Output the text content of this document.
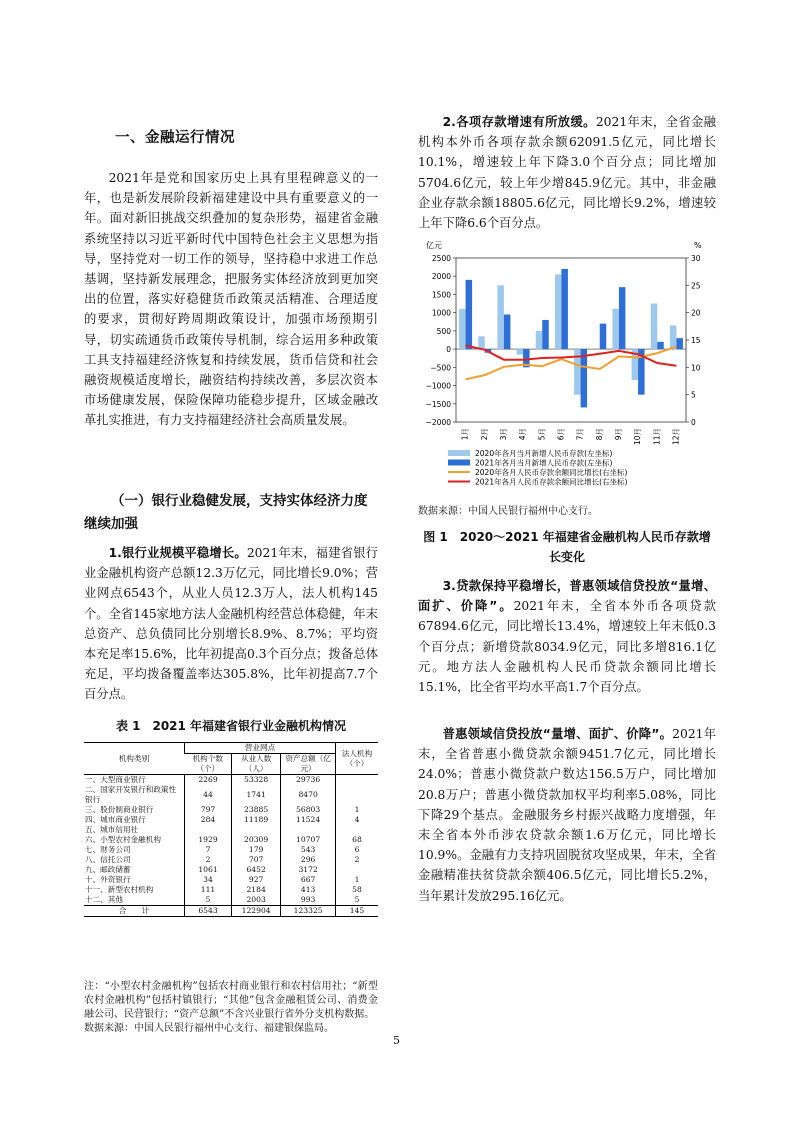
一、金融运行情况

2021年是党和国家历史上具有里程碑意义的一年，也是新发展阶段新福建建设中具有重要意义的一年。面对新旧挑战交织叠加的复杂形势，福建省金融系统坚持以习近平新时代中国特色社会主义思想为指导，坚持党对一切工作的领导，坚持稳中求进工作总基调，坚持新发展理念，把服务实体经济放到更加突出的位置，落实好稳健货币政策灵活精准、合理适度的要求，贯彻好跨周期政策设计，加强市场预期引导，切实疏通货币政策传导机制，综合运用多种政策工具支持福建经济恢复和持续发展，货币信贷和社会融资规模适度增长，融资结构持续改善，多层次资本市场健康发展，保险保障功能稳步提升，区域金融改革扎实推进，有力支持福建经济社会高质量发展。

（一）银行业稳健发展，支持实体经济力度继续加强

1.银行业规模平稳增长。2021年末，福建省银行业金融机构资产总额12.3万亿元，同比增长9.0%；营业网点6543个，从业人员12.3万人，法人机构145个。全省145家地方法人金融机构经营总体稳健，年末总资产、总负债同比分别增长8.9%、8.7%；平均资本充足率15.6%，比年初提高0.3个百分点；拨备总体充足，平均拨备覆盖率达305.8%，比年初提高7.7个百分点。

表 1　2021 年福建省银行业金融机构情况
机构类别	营业网点			法人机构（个）
	机构个数（个）	从业人数（人）	资产总额（亿元）	
一、大型商业银行	2269	53328	29736	
二、国家开发银行和政策性银行	44	1741	8470	
三、股份制商业银行	797	23885	56803	1
四、城市商业银行	284	11189	11524	4
五、城市信用社				
六、小型农村金融机构	1929	20309	10707	68
七、财务公司	7	179	543	6
八、信托公司	2	707	296	2
九、邮政储蓄	1061	6452	3172	
十、外资银行	34	927	667	1
十一、新型农村机构	111	2184	413	58
十二、其他	5	2003	993	5
合　　计	6543	122904	123325	145

注：“小型农村金融机构”包括农村商业银行和农村信用社；“新型农村金融机构”包括村镇银行；“其他”包含金融租赁公司、消费金融公司、民营银行；“资产总额”不含兴业银行省外分支机构数据。
数据来源：中国人民银行福州中心支行、福建银保监局。

2.各项存款增速有所放缓。2021年末，全省金融机构本外币各项存款余额62091.5亿元，同比增长10.1%，增速较上年下降3.0个百分点；同比增加5704.6亿元，较上年少增845.9亿元。其中，非金融企业存款余额18805.6亿元，同比增长9.2%，增速较上年下降6.6个百分点。

亿元	%
2500
2000
1500
1000
500
0
−500
−1000
−1500
−2000
30
25
20
15
10
5
0
1月 2月 3月 4月 5月 6月 7月 8月 9月 10月 11月 12月
2020年各月当月新增人民币存款(左坐标)
2021年各月当月新增人民币存款(左坐标)
2020年各月人民币存款余额同比增长(右坐标)
2021年各月人民币存款余额同比增长(右坐标)
数据来源：中国人民银行福州中心支行。
图 1　2020～2021 年福建省金融机构人民币存款增长变化

3.贷款保持平稳增长，普惠领域信贷投放“量增、面扩、价降”。2021年末，全省本外币各项贷款67894.6亿元，同比增长13.4%，增速较上年末低0.3个百分点；新增贷款8034.9亿元，同比多增816.1亿元。地方法人金融机构人民币贷款余额同比增长15.1%，比全省平均水平高1.7个百分点。

普惠领域信贷投放“量增、面扩、价降”。2021年末，全省普惠小微贷款余额9451.7亿元，同比增长24.0%；普惠小微贷款户数达156.5万户，同比增加20.8万户；普惠小微贷款加权平均利率5.08%，同比下降29个基点。金融服务乡村振兴战略力度增强，年末全省本外币涉农贷款余额1.6万亿元，同比增长10.9%。金融有力支持巩固脱贫攻坚成果，年末，全省金融精准扶贫贷款余额406.5亿元，同比增长5.2%，当年累计发放295.16亿元。

5
